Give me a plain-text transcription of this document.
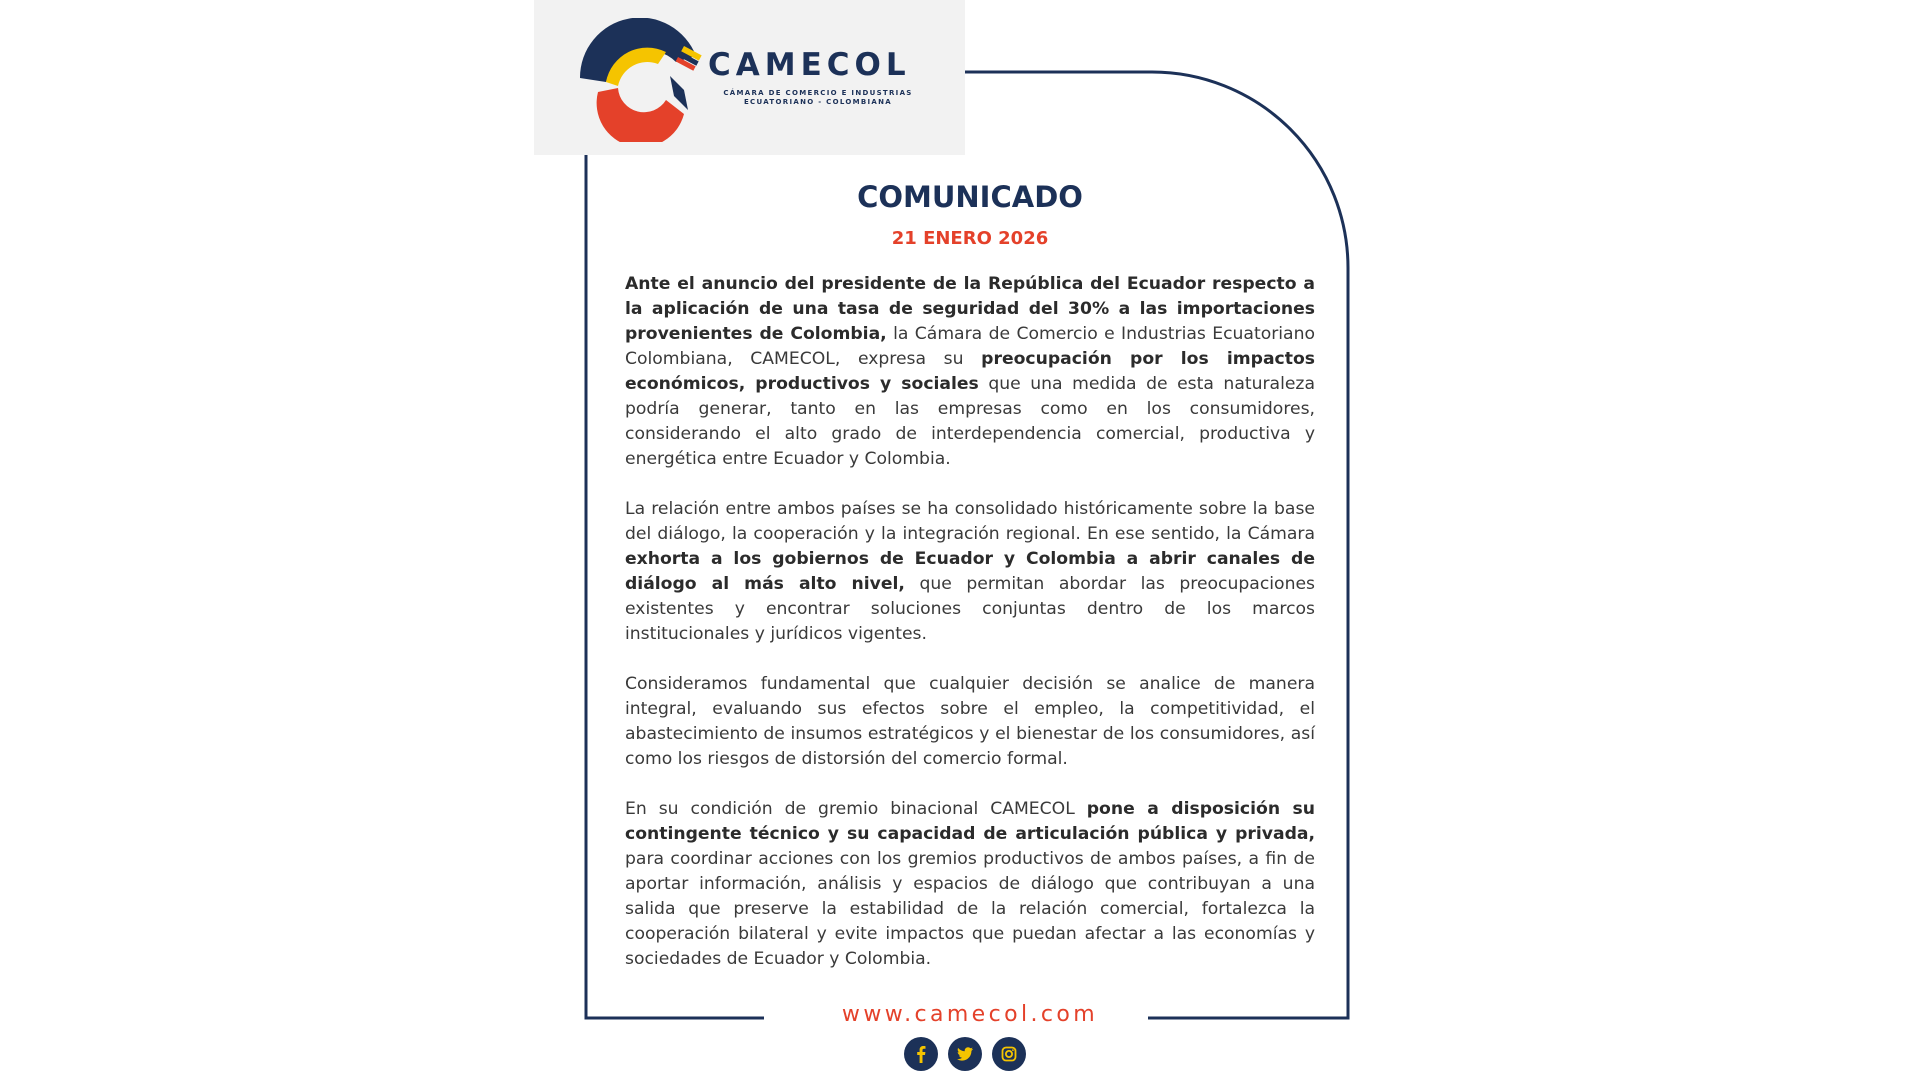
CAMECOL
CÁMARA DE COMERCIO E INDUSTRIAS
ECUATORIANO - COLOMBIANA
COMUNICADO
21 ENERO 2026

Ante el anuncio del presidente de la República del Ecuador respecto a la aplicación de una tasa de seguridad del 30% a las importaciones provenientes de Colombia, la Cámara de Comercio e Industrias Ecuatoriano Colombiana, CAMECOL, expresa su preocupación por los impactos económicos, productivos y sociales que una medida de esta naturaleza podría generar, tanto en las empresas como en los consumidores, considerando el alto grado de interdependencia comercial, productiva y energética entre Ecuador y Colombia.

La relación entre ambos países se ha consolidado históricamente sobre la base del diálogo, la cooperación y la integración regional. En ese sentido, la Cámara exhorta a los gobiernos de Ecuador y Colombia a abrir canales de diálogo al más alto nivel, que permitan abordar las preocupaciones existentes y encontrar soluciones conjuntas dentro de los marcos institucionales y jurídicos vigentes.

Consideramos fundamental que cualquier decisión se analice de manera integral, evaluando sus efectos sobre el empleo, la competitividad, el abastecimiento de insumos estratégicos y el bienestar de los consumidores, así como los riesgos de distorsión del comercio formal.

En su condición de gremio binacional CAMECOL pone a disposición su contingente técnico y su capacidad de articulación pública y privada, para coordinar acciones con los gremios productivos de ambos países, a fin de aportar información, análisis y espacios de diálogo que contribuyan a una salida que preserve la estabilidad de la relación comercial, fortalezca la cooperación bilateral y evite impactos que puedan afectar a las economías y sociedades de Ecuador y Colombia.

www.camecol.com
